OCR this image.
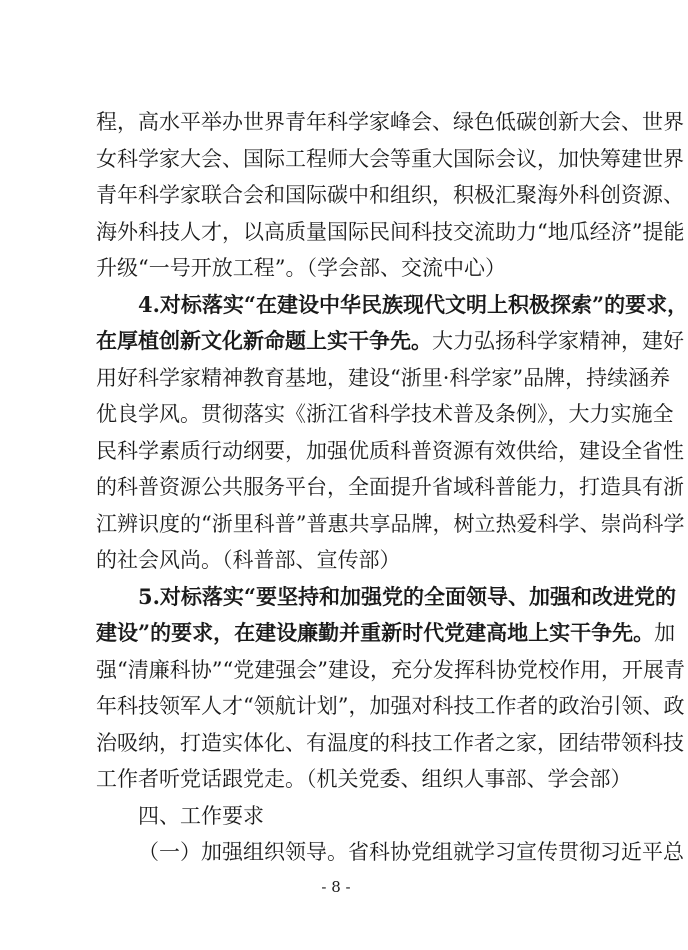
程，高水平举办世界青年科学家峰会、绿色低碳创新大会、世界
女科学家大会、国际工程师大会等重大国际会议，加快筹建世界
青年科学家联合会和国际碳中和组织，积极汇聚海外科创资源、
海外科技人才，以高质量国际民间科技交流助力“地瓜经济”提能
升级“一号开放工程”。（学会部、交流中心）
4.对标落实“在建设中华民族现代文明上积极探索”的要求，
在厚植创新文化新命题上实干争先。大力弘扬科学家精神，建好
用好科学家精神教育基地，建设“浙里·科学家”品牌，持续涵养
优良学风。贯彻落实《浙江省科学技术普及条例》，大力实施全
民科学素质行动纲要，加强优质科普资源有效供给，建设全省性
的科普资源公共服务平台，全面提升省域科普能力，打造具有浙
江辨识度的“浙里科普”普惠共享品牌，树立热爱科学、崇尚科学
的社会风尚。（科普部、宣传部）
5.对标落实“要坚持和加强党的全面领导、加强和改进党的
建设”的要求，在建设廉勤并重新时代党建高地上实干争先。加
强“清廉科协”“党建强会”建设，充分发挥科协党校作用，开展青
年科技领军人才“领航计划”，加强对科技工作者的政治引领、政
治吸纳，打造实体化、有温度的科技工作者之家，团结带领科技
工作者听党话跟党走。（机关党委、组织人事部、学会部）
四、工作要求
（一）加强组织领导。省科协党组就学习宣传贯彻习近平总
- 8 -
